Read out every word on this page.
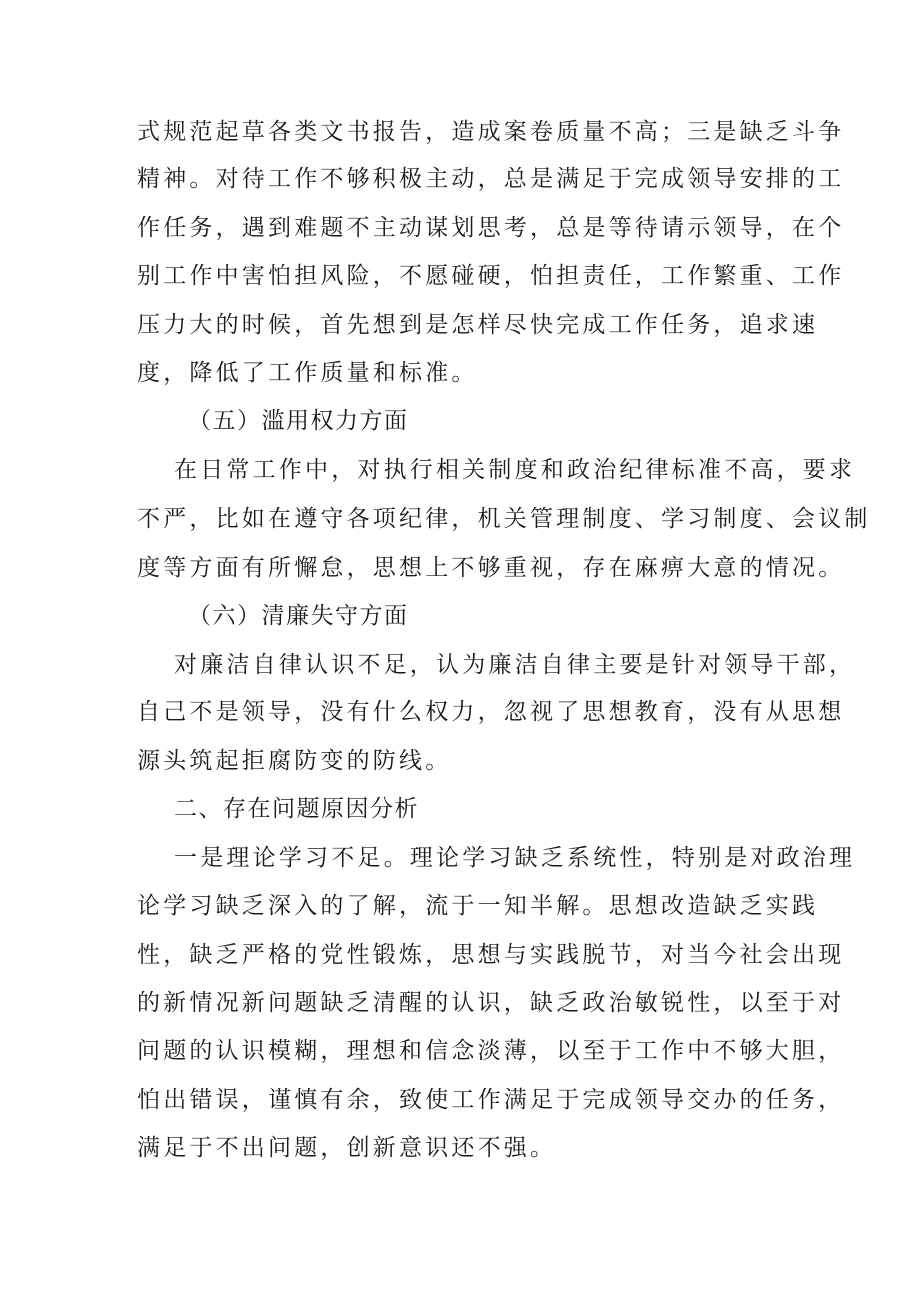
式规范起草各类文书报告，造成案卷质量不高；三是缺乏斗争
精神。对待工作不够积极主动，总是满足于完成领导安排的工
作任务，遇到难题不主动谋划思考，总是等待请示领导，在个
别工作中害怕担风险，不愿碰硬，怕担责任，工作繁重、工作
压力大的时候，首先想到是怎样尽快完成工作任务，追求速
度，降低了工作质量和标准。
（五）滥用权力方面
在日常工作中，对执行相关制度和政治纪律标准不高，要求
不严，比如在遵守各项纪律，机关管理制度、学习制度、会议制
度等方面有所懈怠，思想上不够重视，存在麻痹大意的情况。
（六）清廉失守方面
对廉洁自律认识不足，认为廉洁自律主要是针对领导干部，
自己不是领导，没有什么权力，忽视了思想教育，没有从思想
源头筑起拒腐防变的防线。
二、存在问题原因分析
一是理论学习不足。理论学习缺乏系统性，特别是对政治理
论学习缺乏深入的了解，流于一知半解。思想改造缺乏实践
性，缺乏严格的党性锻炼，思想与实践脱节，对当今社会出现
的新情况新问题缺乏清醒的认识，缺乏政治敏锐性，以至于对
问题的认识模糊，理想和信念淡薄，以至于工作中不够大胆，
怕出错误，谨慎有余，致使工作满足于完成领导交办的任务，
满足于不出问题，创新意识还不强。
